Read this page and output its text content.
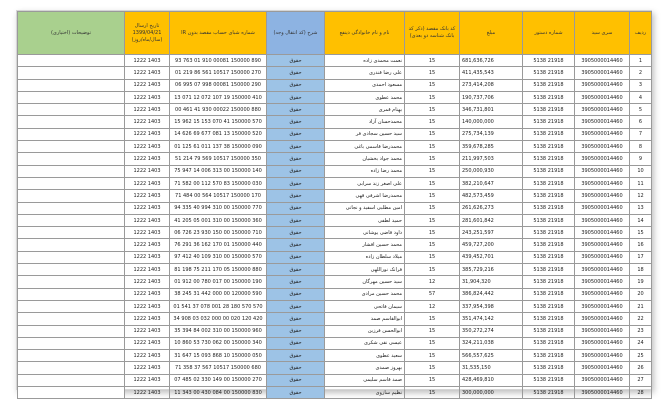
ردیف	سری سید	شماره دستور	مبلغ	کد بانک مقصد (ذکر کد بانک شناسه دو بعدی)	نام و نام خانوادگی ذینفع	شرح (کد انتقال وجه)	شماره شبای حساب مقصد بدون IR	تاریخ ارسال 1399/04/21 (سال/ماه/روز)	توضیحات (اختیاری)
1	3905000014460	21918 5138	681,636,726	15	نعمت محمدی زاده	حقوق	890 150000 00081 910 01 763 93	1403 1222	
2	3905000014460	21918 5138	411,435,543	15	علی رضا قندری	حقوق	270 150000 10517 561 86 219 01	1403 1222	
3	3905000014460	21918 5138	273,414,208	15	مسعود احمدی	حقوق	290 150000 00081 998 07 995 06	1403 1222	
4	3905000014460	21918 5138	190,737,706	15	محمد عطوی	حقوق	410 150000 19 107 072 12 071 13	1403 1222	
5	3905000014460	21918 5138	346,731,801	15	بهنام قمری	حقوق	880 150000 00022 930 41 461 00	1403 1222	
6	3905000014460	21918 5138	140,000,000	15	محمدحسان آزاد	حقوق	570 150000 41 070 153 15 962 15	1403 1222	
7	3905000014460	21918 5138	275,734,139	15	سید حسین سجادی فر	حقوق	520 150000 13 081 677 69 626 14	1403 1222	
8	3905000014460	21918 5138	359,678,285	15	محمدرضا قاسمی باغی	حقوق	090 150000 38 137 011 61 125 01	1403 1222	
9	3905000014460	21918 5138	211,997,503	15	محمد جواد بخشیان	حقوق	350 150000 10517 569 79 214 51	1403 1222	
10	3905000014460	21918 5138	250,000,930	15	محمد رضا زاده	حقوق	140 150000 00 313 006 14 947 75	1403 1222	
11	3905000014460	21918 5138	382,210,647	15	علی اصغر زند سرابی	حقوق	030 150000 83 570 112 00 582 71	1403 1222	
12	3905000014460	21918 5138	482,573,459	15	محمدرضا اشرفی قهی	حقوق	170 150000 10517 564 00 484 71	1403 1222	
13	3905000014460	21918 5138	261,626,273	15	امین مطلبی اسفید و نجاتی	حقوق	770 150000 00 310 994 40 335 94	1403 1222	
14	3905000014460	21918 5138	281,601,842	15	حمید لطفی	حقوق	360 150000 00 310 001 05 205 41	1403 1222	
15	3905000014460	21918 5138	243,251,597	15	داود قاضی یوشانی	حقوق	710 150000 00 150 930 23 726 06	1403 1222	
16	3905000014460	21918 5138	459,727,200	15	محمد حسین افشار	حقوق	440 150000 01 170 162 36 291 76	1403 1222	
17	3905000014460	21918 5138	439,452,701	15	میلاد سلطان زاده	حقوق	570 150000 00 310 109 40 412 97	1403 1222	
18	3905000014460	21918 5138	385,729,216	15	فرانک نوراللهی	حقوق	880 150000 05 170 211 75 198 81	1403 1222	
19	3905000014460	21918 5138	31,904,320	12	سید حسین مهرگان	حقوق	190 150000 00 017 780 00 912 01	1403 1222	
20	3905000014460	21918 5138	386,824,442	57	محمد حسین مرادی	حقوق	590 120000 00 000 442 31 245 38	1403 1222	
21	3905000014460	21918 5138	337,954,398	12	سیمان فاتحی	حقوق	570 570 180 28 001 078 37 541 01	1403 1222	
22	3905000014460	21918 5138	351,474,142	15	ابوالقاسم صمد	حقوق	420 120 020 00 000 032 03 908 34	1403 1222	
23	3905000014460	21918 5138	350,272,274	15	ابوالحسن فرزین	حقوق	960 150000 00 310 002 84 394 35	1403 1222	
24	3905000014460	21918 5138	324,211,038	15	عیسی نقی شکری	حقوق	340 150000 00 062 730 53 860 10	1403 1222	
25	3905000014460	21918 5138	566,557,625	15	سعید عطوی	حقوق	050 150000 10 868 093 15 647 31	1403 1222	
26	3905000014460	21918 5138	31,535,150	15	بهروز صمدی	حقوق	680 150000 10517 567 37 358 71	1403 1222	
27	3905000014460	21918 5138	428,469,810	15	صمد قاسم سلیمی	حقوق	270 150000 00 149 330 02 485 07	1403 1222	
28	3905000014460	21918 5138	300,000,000	15	نظیم سازوی	حقوق	830 150000 00 084 430 00 343 11	1403 1222	
